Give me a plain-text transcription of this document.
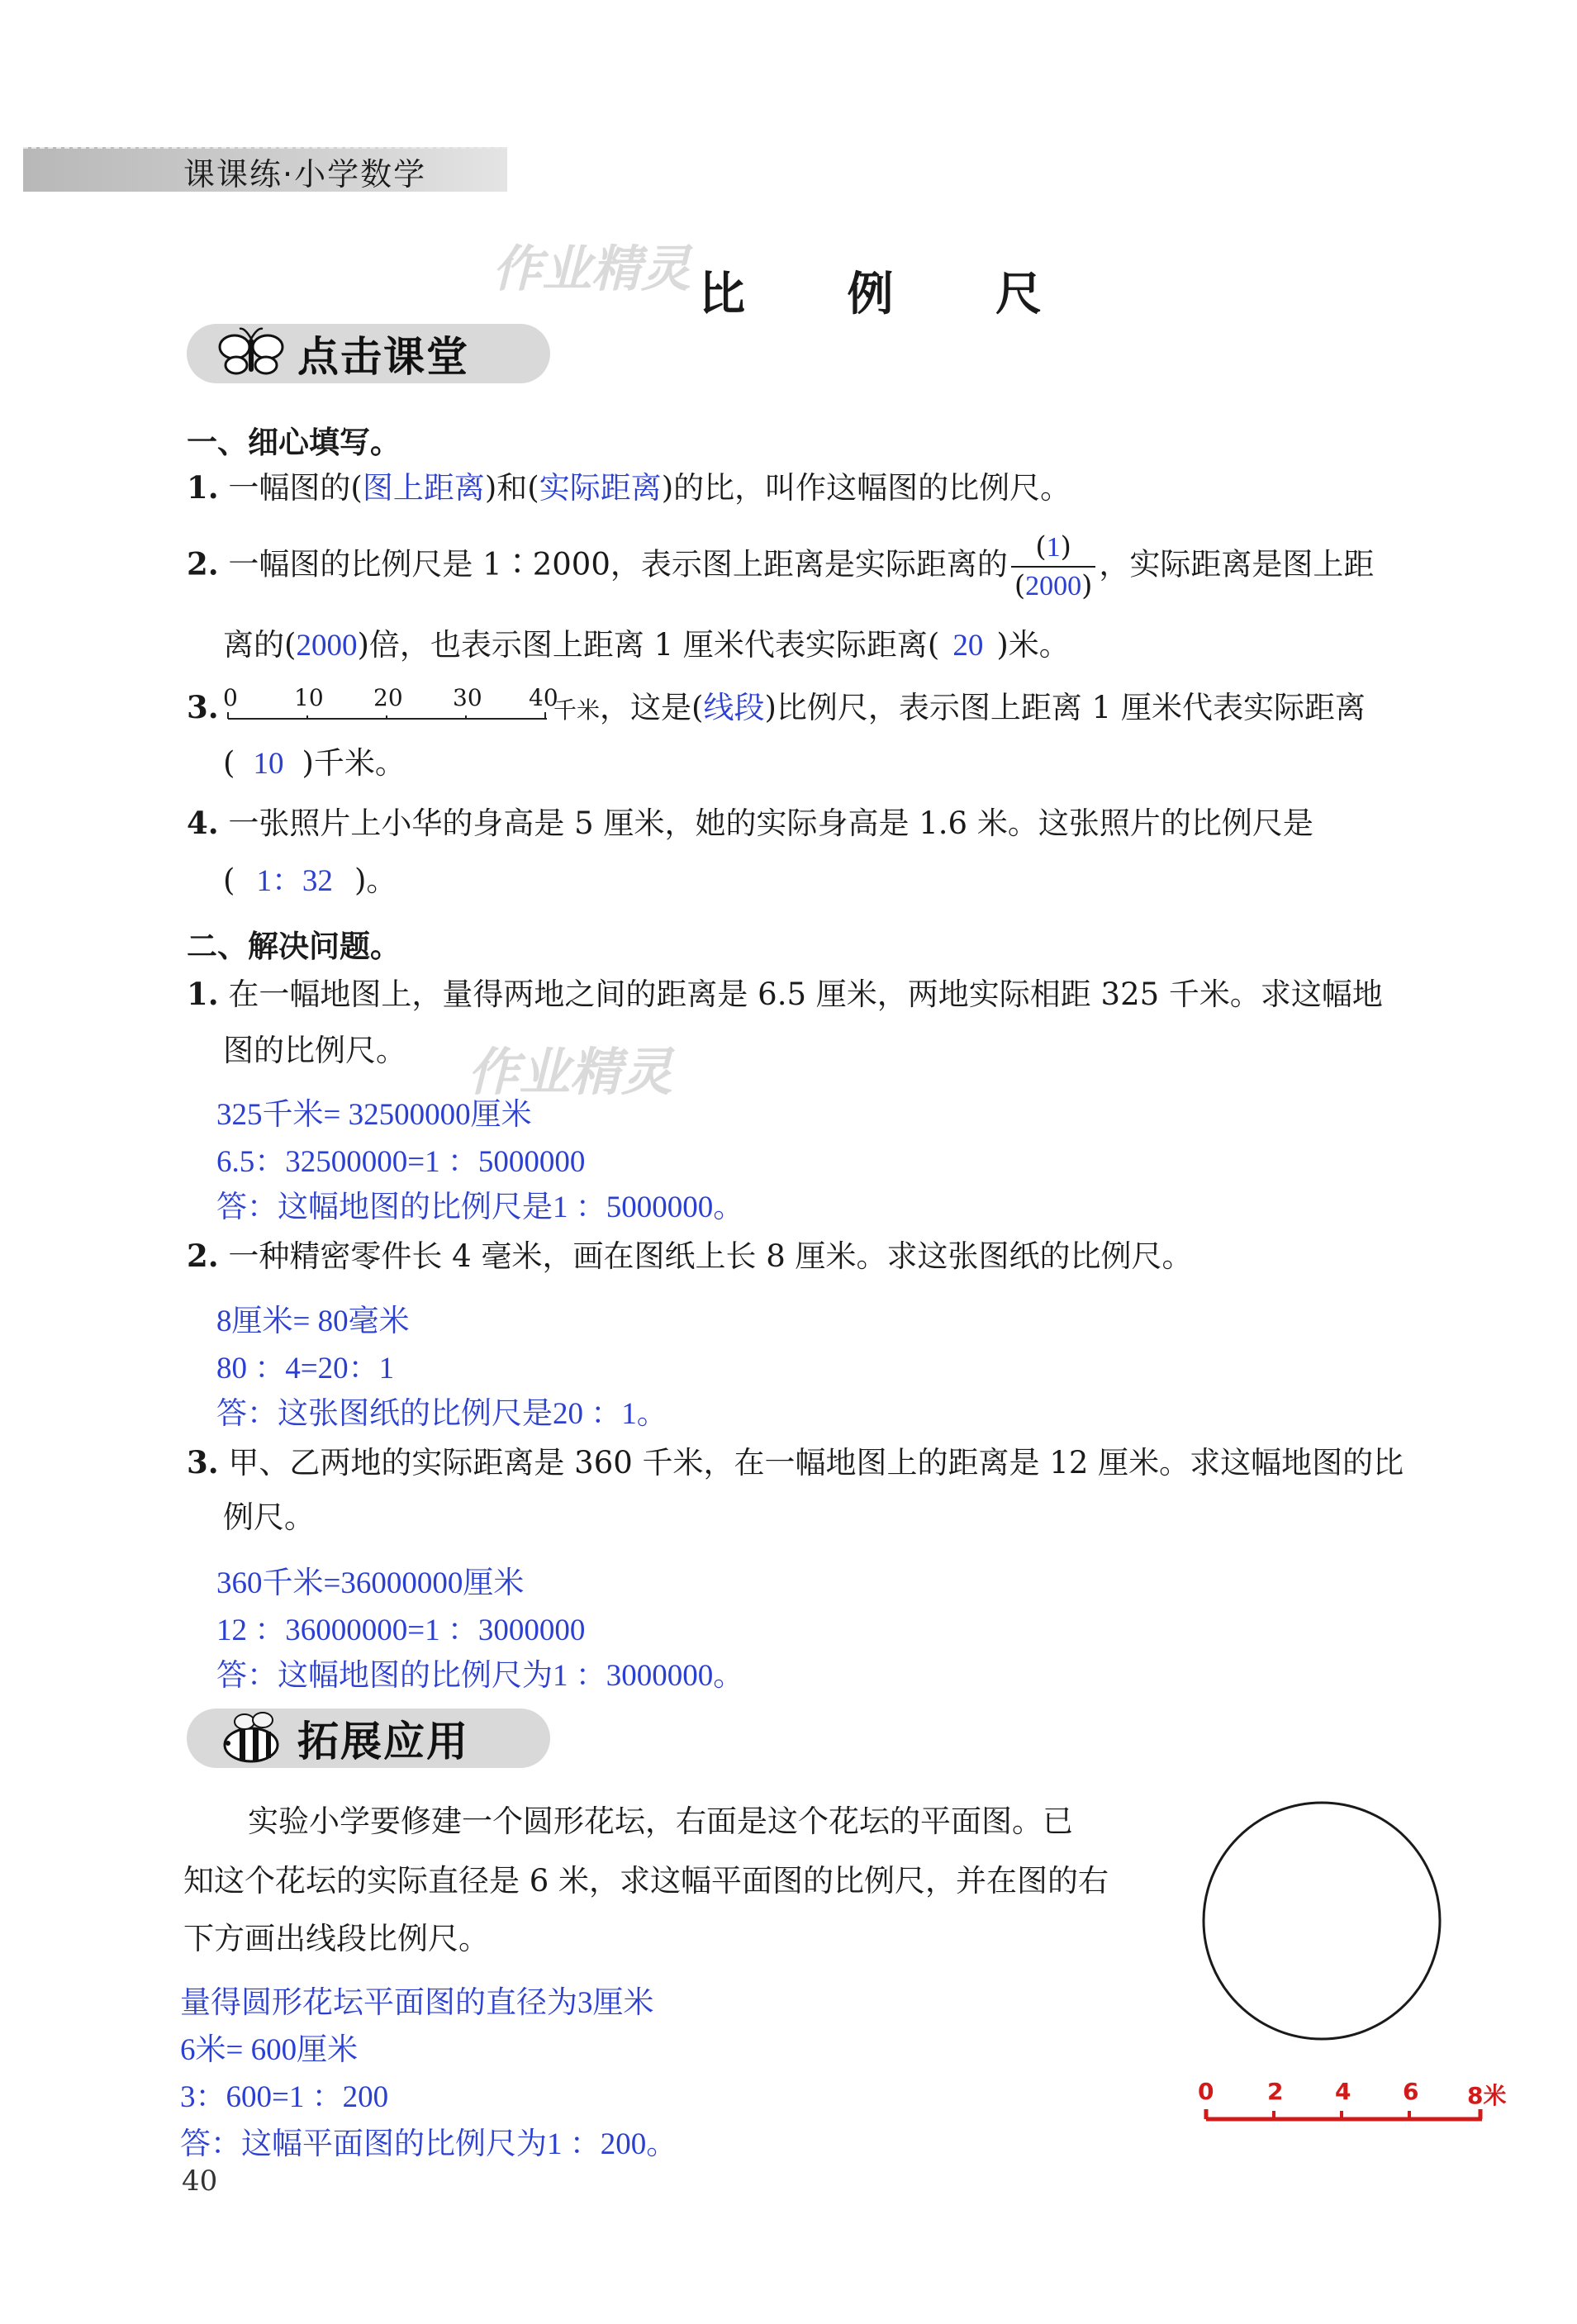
课课练·小学数学
作业精灵
作业精灵
比 例 尺
点击课堂
一、细心填写。
1. 一幅图的(图上距离)和(实际距离)的比，叫作这幅图的比例尺。
2. 一幅图的比例尺是 1∶2000，表示图上距离是实际距离的 $\frac{(1)}{(2000)}$ ，实际距离是图上距
离的(2000)倍，也表示图上距离 1 厘米代表实际距离( 20 )米。
3. 0 10 20 30 40
千米，这是(线段)比例尺，表示图上距离 1 厘米代表实际距离
( 10 )千米。
4. 一张照片上小华的身高是 5 厘米，她的实际身高是 1.6 米。这张照片的比例尺是
( 1：32 )。
二、解决问题。
1. 在一幅地图上，量得两地之间的距离是 6.5 厘米，两地实际相距 325 千米。求这幅地
图的比例尺。
325千米= 32500000厘米
6.5：32500000=1 ：5000000
答：这幅地图的比例尺是1 ：5000000。
2. 一种精密零件长 4 毫米，画在图纸上长 8 厘米。求这张图纸的比例尺。
8厘米= 80毫米
80 ：4=20：1
答：这张图纸的比例尺是20 ：1。
3. 甲、乙两地的实际距离是 360 千米，在一幅地图上的距离是 12 厘米。求这幅地图的比
例尺。
360千米=36000000厘米
12 ：36000000=1 ：3000000
答：这幅地图的比例尺为1 ：3000000。
拓展应用
实验小学要修建一个圆形花坛，右面是这个花坛的平面图。已
知这个花坛的实际直径是 6 米，求这幅平面图的比例尺，并在图的右
下方画出线段比例尺。
量得圆形花坛平面图的直径为3厘米
6米= 600厘米
3：600=1 ：200
答：这幅平面图的比例尺为1 ：200。
0 2 4 6 8米
40
